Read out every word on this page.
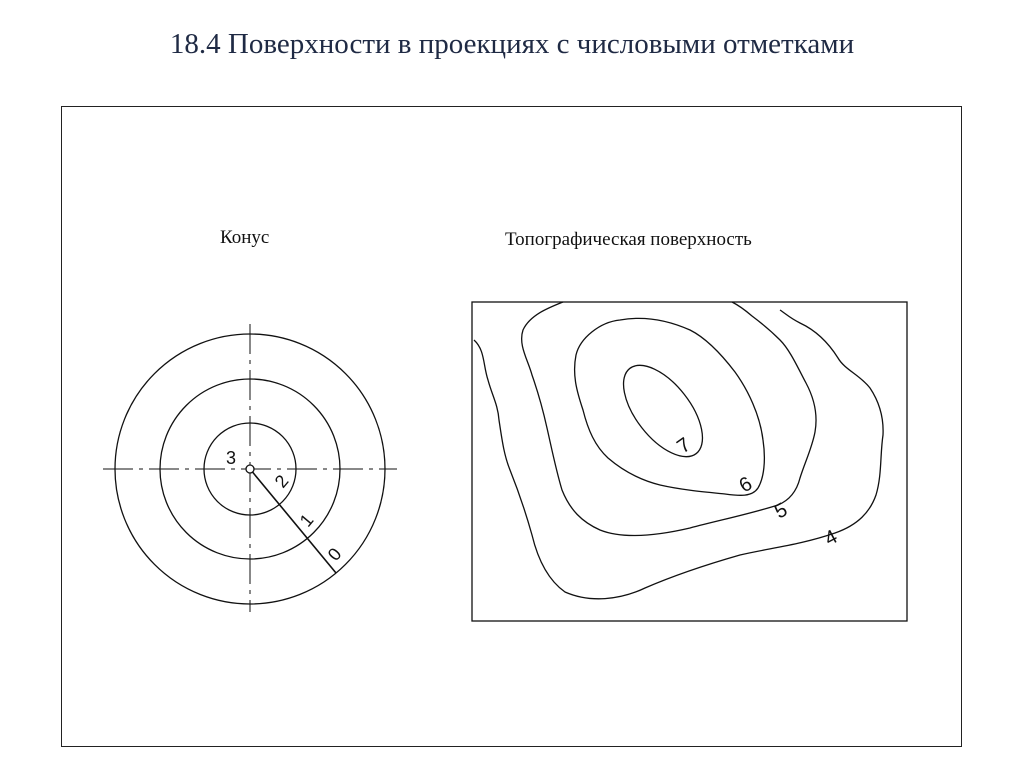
18.4 Поверхности в проекциях с числовыми отметками
Конус
3
2
1
0
Топографическая поверхность
7
6
5
4
